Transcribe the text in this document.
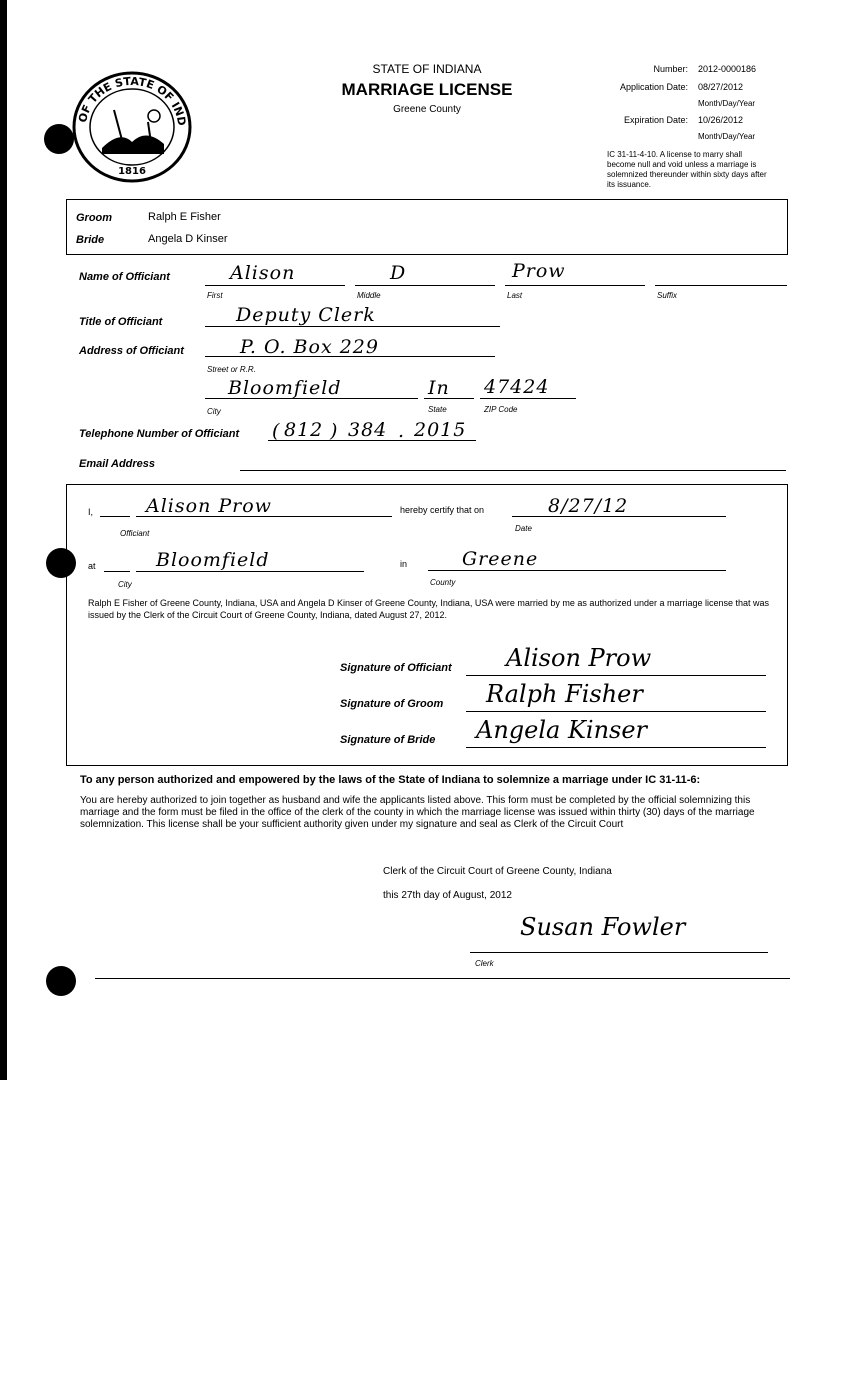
OF THE STATE OF IND
1816
STATE OF INDIANA
MARRIAGE LICENSE
Greene County
Number: 2012-0000186
Application Date: 08/27/2012
Month/Day/Year
Expiration Date: 10/26/2012
Month/Day/Year
IC 31-11-4-10. A license to marry shall become null and void unless a marriage is solemnized thereunder within sixty days after its issuance.
Groom	Ralph E Fisher
Bride	Angela D Kinser
Name of Officiant	Alison	D	Prow
First	Middle	Last	Suffix
Title of Officiant	Deputy Clerk
Address of Officiant	P. O. Box 229
Street or R.R.
Bloomfield	In 47424
City	State	ZIP Code
Telephone Number of Officiant ( 812 ) 384 . 2015
Email Address
I,	Alison Prow
Officiant
hereby certify that on	8/27/12
Date
at	Bloomfield
City
in	Greene
County
Ralph E Fisher of Greene County, Indiana, USA and Angela D Kinser of Greene County, Indiana, USA were married by me as authorized under a marriage license that was issued by the Clerk of the Circuit Court of Greene County, Indiana, dated August 27, 2012.
Signature of Officiant Alison Prow
Signature of Groom Ralph Fisher
Signature of Bride Angela Kinser
To any person authorized and empowered by the laws of the State of Indiana to solemnize a marriage under IC 31-11-6:
You are hereby authorized to join together as husband and wife the applicants listed above. This form must be completed by the official solemnizing this marriage and the form must be filed in the office of the clerk of the county in which the marriage license was issued within thirty (30) days of the marriage solemnization. This license shall be your sufficient authority given under my signature and seal as Clerk of the Circuit Court
Clerk of the Circuit Court of Greene County, Indiana
this 27th day of August, 2012
Susan Fowler
Clerk
